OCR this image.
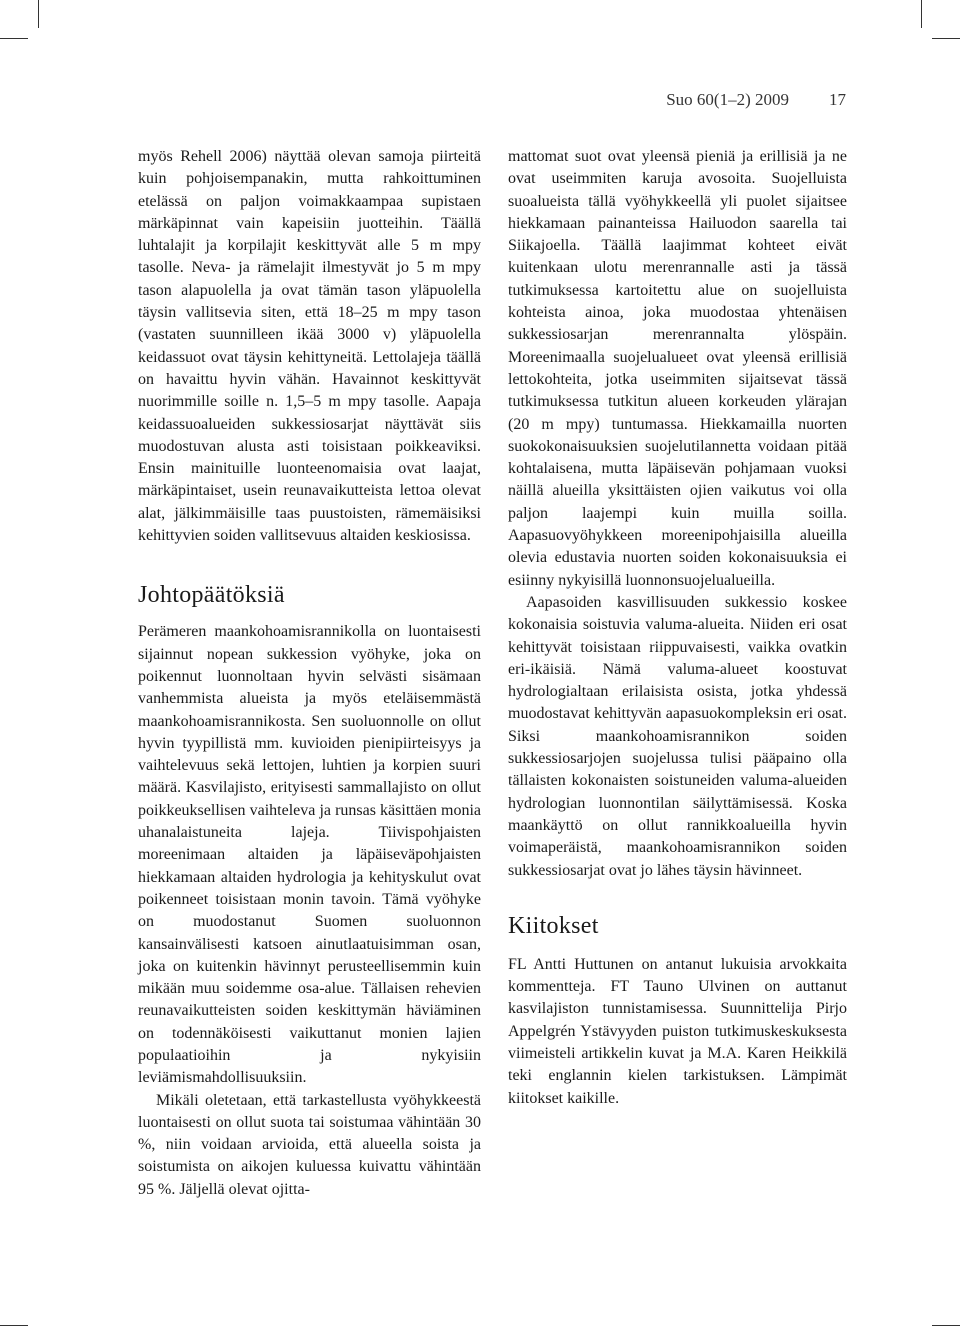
Suo 60(1–2) 2009 17

myös Rehell 2006) näyttää olevan samoja piirteitä kuin pohjoisempanakin, mutta rahkoittuminen etelässä on paljon voimakkaampaa supistaen märkäpinnat vain kapeisiin juotteihin. Täällä luhtalajit ja korpilajit keskittyvät alle 5 m mpy tasolle. Neva- ja rämelajit ilmestyvät jo 5 m mpy tason alapuolella ja ovat tämän tason yläpuolella täysin vallitsevia siten, että 18–25 m mpy tason (vastaten suunnilleen ikää 3000 v) yläpuolella keidassuot ovat täysin kehittyneitä. Lettolajeja täällä on havaittu hyvin vähän. Havainnot keskittyvät nuorimmille soille n. 1,5–5 m mpy tasolle. Aapaja keidassuoalueiden sukkessiosarjat näyttävät siis muodostuvan alusta asti toisistaan poikkeaviksi. Ensin mainituille luonteenomaisia ovat laajat, märkäpintaiset, usein reunavaikutteista lettoa olevat alat, jälkimmäisille taas puustoisten, rämemäisiksi kehittyvien soiden vallitsevuus altaiden keskiosissa.

Johtopäätöksiä

Perämeren maankohoamisrannikolla on luontaisesti sijainnut nopean sukkession vyöhyke, joka on poikennut luonnoltaan hyvin selvästi sisämaan vanhemmista alueista ja myös eteläisemmästä maankohoamisrannikosta. Sen suoluonnolle on ollut hyvin tyypillistä mm. kuvioiden pienipiirteisyys ja vaihtelevuus sekä lettojen, luhtien ja korpien suuri määrä. Kasvilajisto, erityisesti sammallajisto on ollut poikkeuksellisen vaihteleva ja runsas käsittäen monia uhanalaistuneita lajeja. Tiivispohjaisten moreenimaan altaiden ja läpäiseväpohjaisten hiekkamaan altaiden hydrologia ja kehityskulut ovat poikenneet toisistaan monin tavoin. Tämä vyöhyke on muodostanut Suomen suoluonnon kansainvälisesti katsoen ainutlaatuisimman osan, joka on kuitenkin hävinnyt perusteellisemmin kuin mikään muu soidemme osa-alue. Tällaisen rehevien reunavaikutteisten soiden keskittymän häviäminen on todennäköisesti vaikuttanut monien lajien populaatioihin ja nykyisiin leviämismahdollisuuksiin.

Mikäli oletetaan, että tarkastellusta vyöhykkeestä luontaisesti on ollut suota tai soistumaa vähintään 30 %, niin voidaan arvioida, että alueella soista ja soistumista on aikojen kuluessa kuivattu vähintään 95 %. Jäljellä olevat ojitta-

mattomat suot ovat yleensä pieniä ja erillisiä ja ne ovat useimmiten karuja avosoita. Suojelluista suoalueista tällä vyöhykkeellä yli puolet sijaitsee hiekkamaan painanteissa Hailuodon saarella tai Siikajoella. Täällä laajimmat kohteet eivät kuitenkaan ulotu merenrannalle asti ja tässä tutkimuksessa kartoitettu alue on suojelluista kohteista ainoa, joka muodostaa yhtenäisen sukkessiosarjan merenrannalta ylöspäin. Moreenimaalla suojelualueet ovat yleensä erillisiä lettokohteita, jotka useimmiten sijaitsevat tässä tutkimuksessa tutkitun alueen korkeuden ylärajan (20 m mpy) tuntumassa. Hiekkamailla nuorten suokokonaisuuksien suojelutilannetta voidaan pitää kohtalaisena, mutta läpäisevän pohjamaan vuoksi näillä alueilla yksittäisten ojien vaikutus voi olla paljon laajempi kuin muilla soilla. Aapasuovyöhykkeen moreenipohjaisilla alueilla olevia edustavia nuorten soiden kokonaisuuksia ei esiinny nykyisillä luonnonsuojelualueilla.

Aapasoiden kasvillisuuden sukkessio koskee kokonaisia soistuvia valuma-alueita. Niiden eri osat kehittyvät toisistaan riippuvaisesti, vaikka ovatkin eri-ikäisiä. Nämä valuma-alueet koostuvat hydrologialtaan erilaisista osista, jotka yhdessä muodostavat kehittyvän aapasuokompleksin eri osat. Siksi maankohoamisrannikon soiden sukkessiosarjojen suojelussa tulisi pääpaino olla tällaisten kokonaisten soistuneiden valuma-alueiden hydrologian luonnontilan säilyttämisessä. Koska maankäyttö on ollut rannikkoalueilla hyvin voimaperäistä, maankohoamisrannikon soiden sukkessiosarjat ovat jo lähes täysin hävinneet.

Kiitokset

FL Antti Huttunen on antanut lukuisia arvokkaita kommentteja. FT Tauno Ulvinen on auttanut kasvilajiston tunnistamisessa. Suunnittelija Pirjo Appelgrén Ystävyyden puiston tutkimuskeskuksesta viimeisteli artikkelin kuvat ja M.A. Karen Heikkilä teki englannin kielen tarkistuksen. Lämpimät kiitokset kaikille.
